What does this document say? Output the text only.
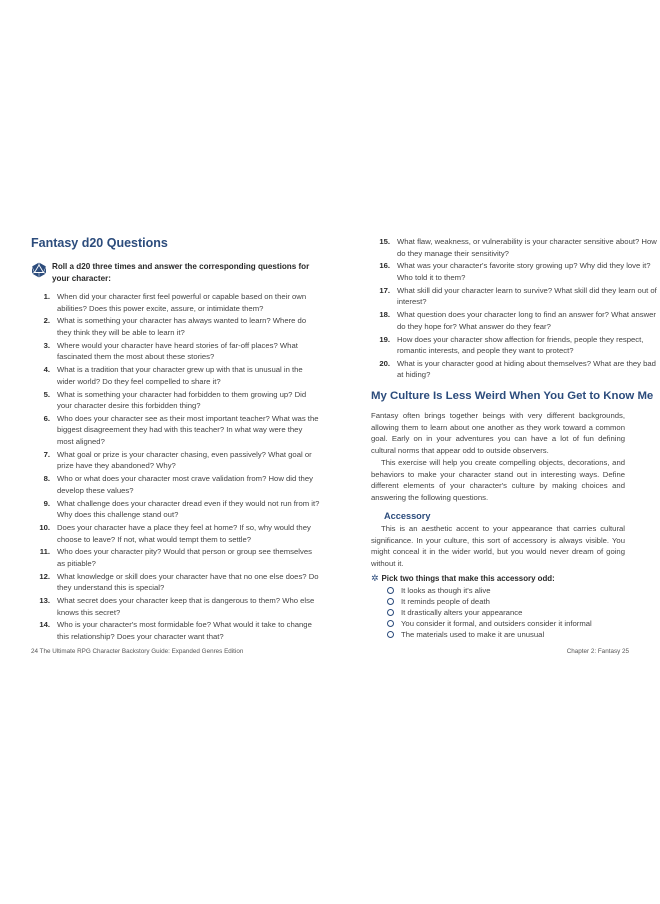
Fantasy d20 Questions
Roll a d20 three times and answer the corresponding questions for your character:
1. When did your character first feel powerful or capable based on their own abilities? Does this power excite, assure, or intimidate them?
2. What is something your character has always wanted to learn? Where do they think they will be able to learn it?
3. Where would your character have heard stories of far-off places? What fascinated them the most about these stories?
4. What is a tradition that your character grew up with that is unusual in the wider world? Do they feel compelled to share it?
5. What is something your character had forbidden to them growing up? Did your character desire this forbidden thing?
6. Who does your character see as their most important teacher? What was the biggest disagreement they had with this teacher? In what way were they most aligned?
7. What goal or prize is your character chasing, even passively? What goal or prize have they abandoned? Why?
8. Who or what does your character most crave validation from? How did they develop these values?
9. What challenge does your character dread even if they would not run from it? Why does this challenge stand out?
10. Does your character have a place they feel at home? If so, why would they choose to leave? If not, what would tempt them to settle?
11. Who does your character pity? Would that person or group see themselves as pitiable?
12. What knowledge or skill does your character have that no one else does? Do they understand this is special?
13. What secret does your character keep that is dangerous to them? Who else knows this secret?
14. Who is your character's most formidable foe? What would it take to change this relationship? Does your character want that?
24 The Ultimate RPG Character Backstory Guide: Expanded Genres Edition
15. What flaw, weakness, or vulnerability is your character sensitive about? How do they manage their sensitivity?
16. What was your character's favorite story growing up? Why did they love it? Who told it to them?
17. What skill did your character learn to survive? What skill did they learn out of interest?
18. What question does your character long to find an answer for? What answer do they hope for? What answer do they fear?
19. How does your character show affection for friends, people they respect, romantic interests, and people they want to protect?
20. What is your character good at hiding about themselves? What are they bad at hiding?
My Culture Is Less Weird When You Get to Know Me
Fantasy often brings together beings with very different backgrounds, allowing them to learn about one another as they work toward a common goal. Early on in your adventures you can have a lot of fun defining cultural norms that appear odd to outside observers.
This exercise will help you create compelling objects, decorations, and behaviors to make your character stand out in interesting ways. Define different elements of your character's culture by making choices and answering the following questions.
Accessory
This is an aesthetic accent to your appearance that carries cultural significance. In your culture, this sort of accessory is always visible. You might conceal it in the wider world, but you would never dream of going without it.
✲ Pick two things that make this accessory odd:
It looks as though it's alive
It reminds people of death
It drastically alters your appearance
You consider it formal, and outsiders consider it informal
The materials used to make it are unusual
Chapter 2: Fantasy 25
